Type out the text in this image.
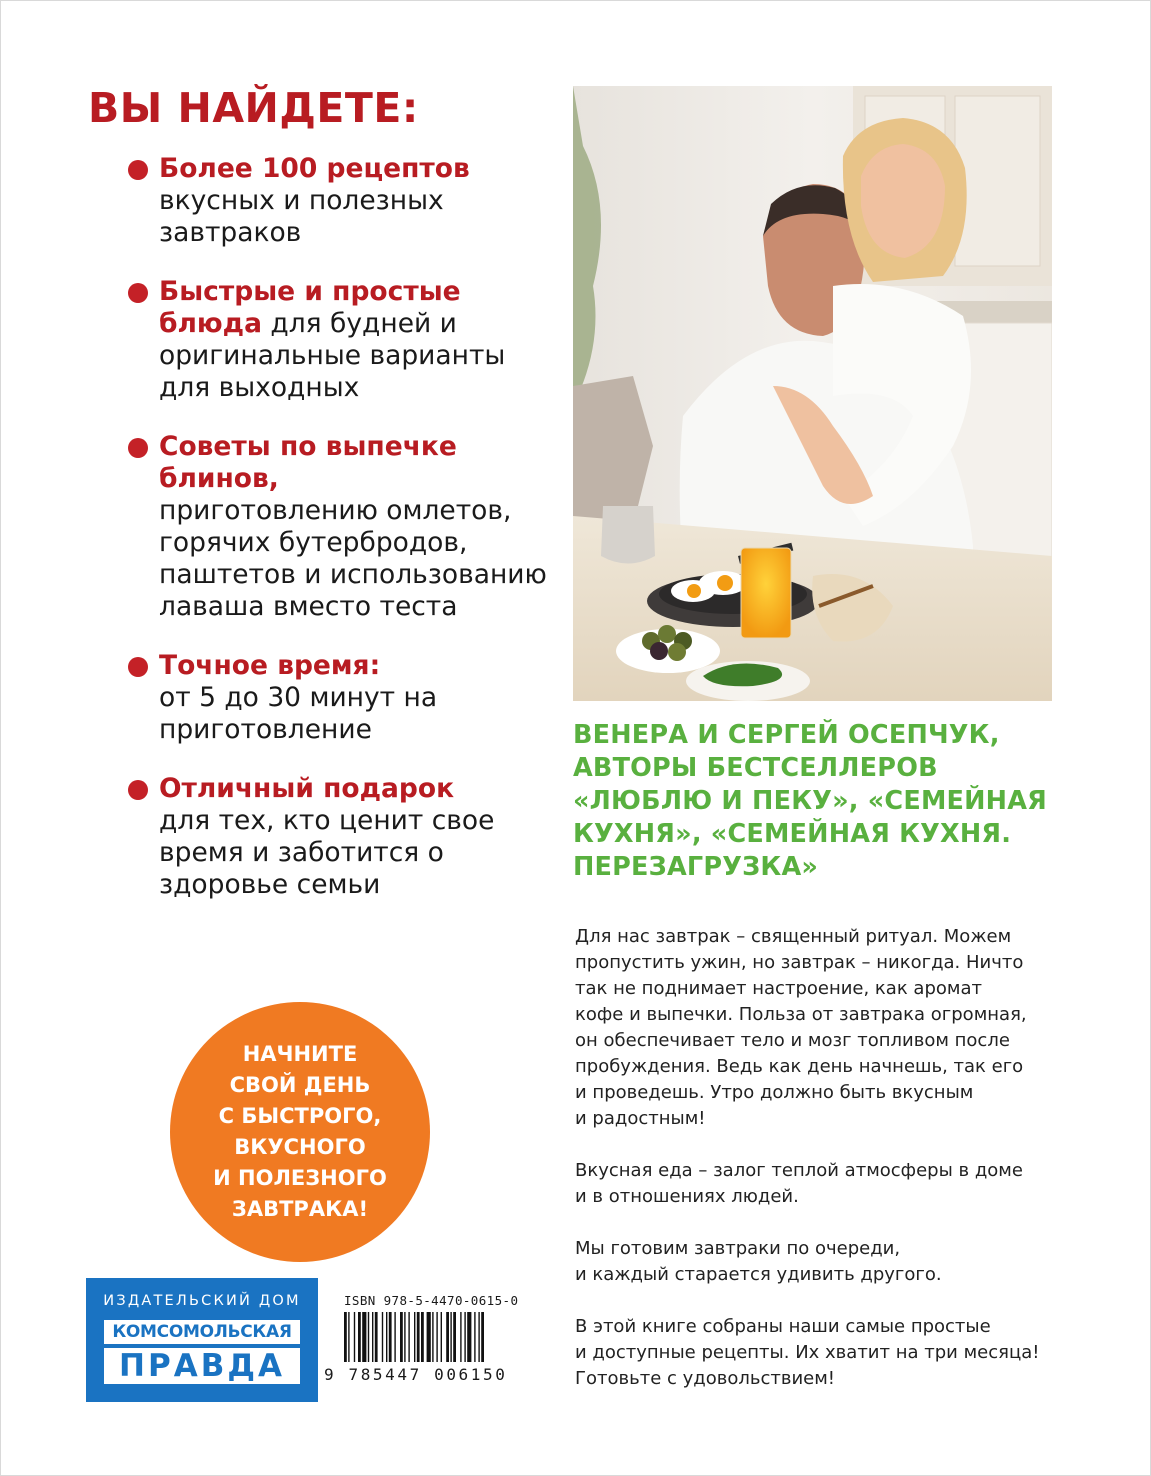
ВЫ НАЙДЕТЕ:
Более 100 рецептов
вкусных и полезных завтраков
Быстрые и простые блюда для будней и оригинальные варианты для выходных
Советы по выпечке блинов,
приготовлению омлетов, горячих бутербродов, паштетов и использованию лаваша вместо теста
Точное время:
от 5 до 30 минут на приготовление
Отличный подарок
для тех, кто ценит свое время и заботится о здоровье семьи
НАЧНИТЕ
СВОЙ ДЕНЬ
С БЫСТРОГО,
ВКУСНОГО
И ПОЛЕЗНОГО
ЗАВТРАКА!
ИЗДАТЕЛЬСКИЙ ДОМ
КОМСОМОЛЬСКАЯ
ПРАВДА
ISBN 978-5-4470-0615-0
9 785447 006150
ВЕНЕРА И СЕРГЕЙ ОСЕПЧУК,
АВТОРЫ БЕСТСЕЛЛЕРОВ
«ЛЮБЛЮ И ПЕКУ», «СЕМЕЙНАЯ
КУХНЯ», «СЕМЕЙНАЯ КУХНЯ.
ПЕРЕЗАГРУЗКА»
Для нас завтрак – священный ритуал. Можем
пропустить ужин, но завтрак – никогда. Ничто
так не поднимает настроение, как аромат
кофе и выпечки. Польза от завтрака огромная,
он обеспечивает тело и мозг топливом после
пробуждения. Ведь как день начнешь, так его
и проведешь. Утро должно быть вкусным
и радостным!
Вкусная еда – залог теплой атмосферы в доме
и в отношениях людей.
Мы готовим завтраки по очереди,
и каждый старается удивить другого.
В этой книге собраны наши самые простые
и доступные рецепты. Их хватит на три месяца!
Готовьте с удовольствием!
